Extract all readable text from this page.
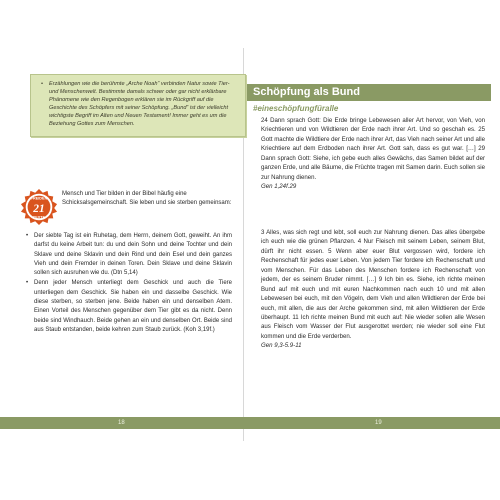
•	Erzählungen wie die berühmte „Arche Noah“ verbinden Natur sowie Tier- und Menschenwelt. Bestimmte damals schwer oder gar nicht erklärbare Phänomene wie den Regenbogen erklären sie im Rückgriff auf die Geschichte des Schöpfers mit seiner Schöpfung. „Bund“ ist der vielleicht wichtigste Begriff im Alten und Neuen Testament! Immer geht es um die Beziehung Gottes zum Menschen.
FREIDEN
21
TEXTE
Mensch und Tier bilden in der Bibel häufig eine Schicksalsgemeinschaft. Sie leben und sie sterben gemeinsam:
• Der siebte Tag ist ein Ruhetag, dem Herrn, deinem Gott, geweiht. An ihm darfst du keine Arbeit tun: du und dein Sohn und deine Tochter und dein Sklave und deine Sklavin und dein Rind und dein Esel und dein ganzes Vieh und dein Fremder in deinen Toren. Dein Sklave und deine Sklavin sollen sich ausruhen wie du. (Dtn 5,14)

• Denn jeder Mensch unterliegt dem Geschick und auch die Tiere unterliegen dem Geschick. Sie haben ein und dasselbe Geschick. Wie diese sterben, so sterben jene. Beide haben ein und denselben Atem. Einen Vorteil des Menschen gegenüber dem Tier gibt es da nicht. Denn beide sind Windhauch. Beide gehen an ein und denselben Ort. Beide sind aus Staub entstanden, beide kehren zum Staub zurück. (Koh 3,19f.)

Schöpfung als Bund
#eineschöpfungfüralle

24 Dann sprach Gott: Die Erde bringe Lebewesen aller Art hervor, von Vieh, von Kriechtieren und von Wildtieren der Erde nach ihrer Art. Und so geschah es. 25 Gott machte die Wildtiere der Erde nach ihrer Art, das Vieh nach seiner Art und alle Kriechtiere auf dem Erdboden nach ihrer Art. Gott sah, dass es gut war. […] 29 Dann sprach Gott: Siehe, ich gebe euch alles Gewächs, das Samen bildet auf der ganzen Erde, und alle Bäume, die Früchte tragen mit Samen darin. Euch sollen sie zur Nahrung dienen.
Gen 1,24f.29

3 Alles, was sich regt und lebt, soll euch zur Nahrung dienen. Das alles übergebe ich euch wie die grünen Pflanzen. 4 Nur Fleisch mit seinem Leben, seinem Blut, dürft ihr nicht essen. 5 Wenn aber euer Blut vergossen wird, fordere ich Rechenschaft für jedes euer Leben. Von jedem Tier fordere ich Rechenschaft und vom Menschen. Für das Leben des Menschen fordere ich Rechenschaft von jedem, der es seinem Bruder nimmt. […] 9 Ich bin es. Siehe, ich richte meinen Bund auf mit euch und mit euren Nachkommen nach euch 10 und mit allen Lebewesen bei euch, mit den Vögeln, dem Vieh und allen Wildtieren der Erde bei euch, mit allen, die aus der Arche gekommen sind, mit allen Wildtieren der Erde überhaupt. 11 Ich richte meinen Bund mit euch auf: Nie wieder sollen alle Wesen aus Fleisch vom Wasser der Flut ausgerottet werden; nie wieder soll eine Flut kommen und die Erde verderben.
Gen 9,3-5.9-11

18	19
